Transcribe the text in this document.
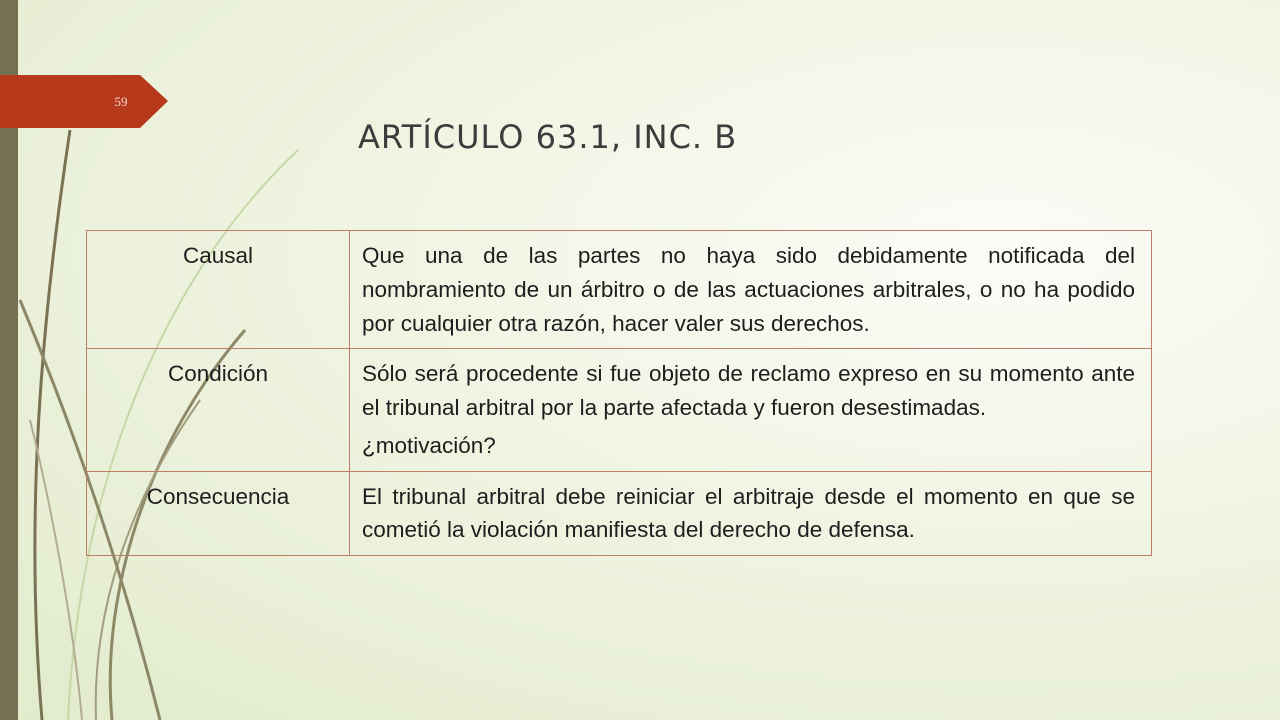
59
ARTÍCULO 63.1, INC. B
Causal	Que una de las partes no haya sido debidamente notificada del nombramiento de un árbitro o de las actuaciones arbitrales, o no ha podido por cualquier otra razón, hacer valer sus derechos.

Condición	Sólo será procedente si fue objeto de reclamo expreso en su momento ante el tribunal arbitral por la parte afectada y fueron desestimadas.

¿motivación?

Consecuencia	El tribunal arbitral debe reiniciar el arbitraje desde el momento en que se cometió la violación manifiesta del derecho de defensa.
